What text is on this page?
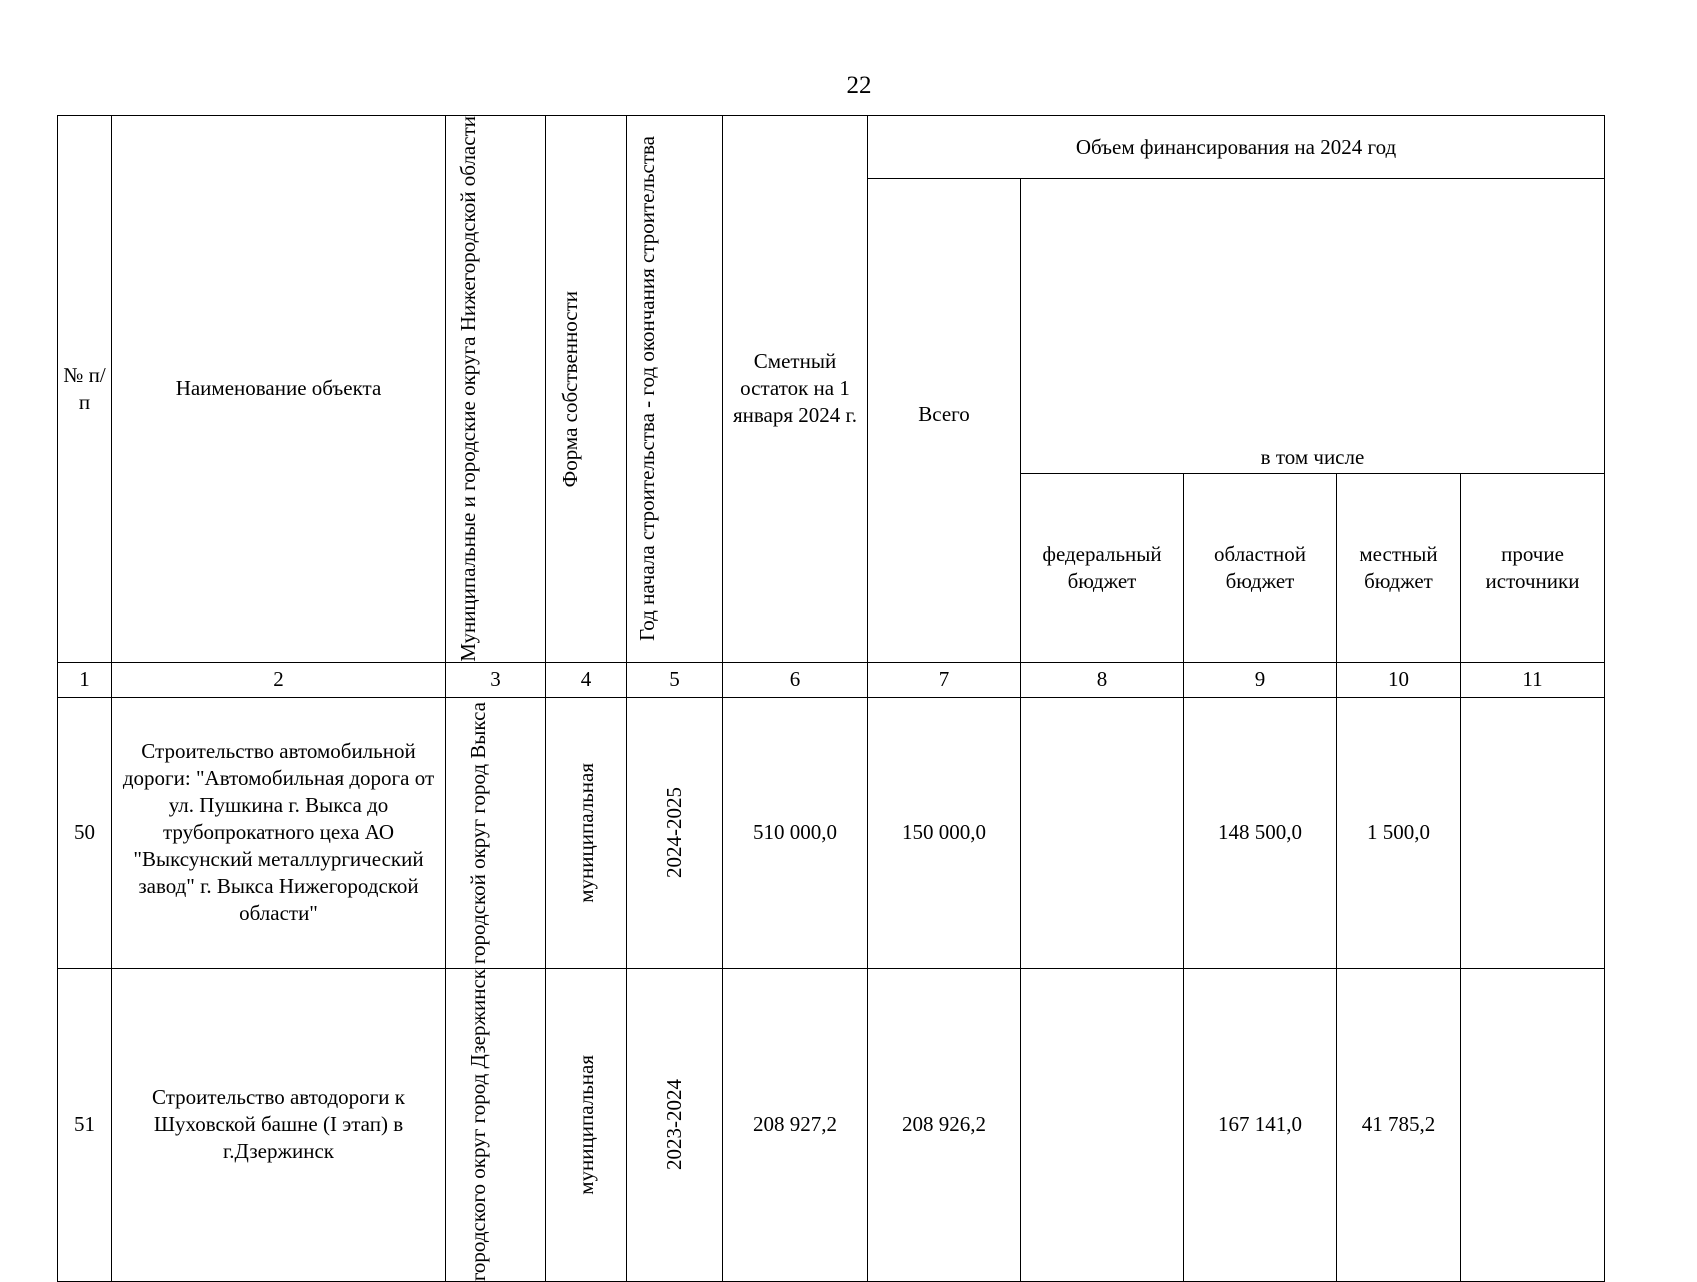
22
№ п/п	Наименование объекта	Муниципальные и городские округа Нижегородской области	Форма собственности	Год начала строительства - год окончания строительства	Сметный остаток на 1 января 2024 г.	Объем финансирования на 2024 год				
						Всего	в том числе			
							федеральный бюджет	областной бюджет	местный бюджет	прочие источники
1	2	3	4	5	6	7	8	9	10	11
50	Строительство автомобильной дороги: "Автомобильная дорога от ул. Пушкина г. Выкса до трубопрокатного цеха АО "Выксунский металлургический завод" г. Выкса Нижегородской области"	городской округ город Выкса	муниципальная	2024-2025	510 000,0	150 000,0		148 500,0	1 500,0	
51	Строительство автодороги к Шуховской башне (I этап) в г.Дзержинск	городского округ город Дзержинск	муниципальная	2023-2024	208 927,2	208 926,2		167 141,0	41 785,2	
